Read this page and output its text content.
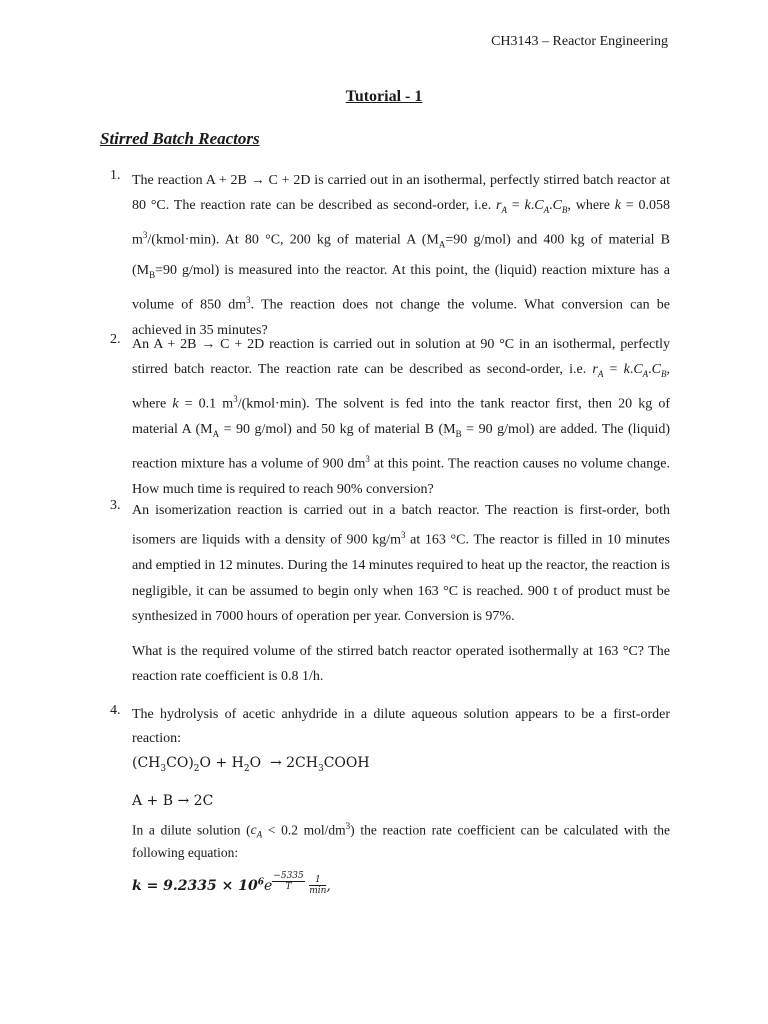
CH3143 – Reactor Engineering
Tutorial - 1
Stirred Batch Reactors
1. The reaction A + 2B → C + 2D is carried out in an isothermal, perfectly stirred batch reactor at 80 °C. The reaction rate can be described as second-order, i.e. $r_A = k.C_A.C_B$, where k = 0.058 $m^3/(kmol\cdot\min)$. At 80 °C, 200 kg of material A ($M_A=90$ g/mol) and 400 kg of material B ($M_B=90$ g/mol) is measured into the reactor. At this point, the (liquid) reaction mixture has a volume of 850 $dm^3$. The reaction does not change the volume. What conversion can be achieved in 35 minutes?

2. An A + 2B → C + 2D reaction is carried out in solution at 90 °C in an isothermal, perfectly stirred batch reactor. The reaction rate can be described as second-order, i.e. $r_A = k.C_A.C_B$, where k = 0.1 $m^3/(kmol\cdot\min)$. The solvent is fed into the tank reactor first, then 20 kg of material A ($M_A = 90$ g/mol) and 50 kg of material B ($M_B = 90$ g/mol) are added. The (liquid) reaction mixture has a volume of 900 $dm^3$ at this point. The reaction causes no volume change. How much time is required to reach 90% conversion?

3. An isomerization reaction is carried out in a batch reactor. The reaction is first-order, both isomers are liquids with a density of 900 $kg/m^3$ at 163 °C. The reactor is filled in 10 minutes and emptied in 12 minutes. During the 14 minutes required to heat up the reactor, the reaction is negligible, it can be assumed to begin only when 163 °C is reached. 900 t of product must be synthesized in 7000 hours of operation per year. Conversion is 97%.

What is the required volume of the stirred batch reactor operated isothermally at 163 °C? The reaction rate coefficient is 0.8 1/h.

4. The hydrolysis of acetic anhydride in a dilute aqueous solution appears to be a first-order reaction:

$(CH_3CO)_2O + H_2O$  → $2CH_3COOH$

A + B → 2C

In a dilute solution ($c_A < 0.2$ mol/$dm^3$) the reaction rate coefficient can be calculated with the following equation:

$k = 9.2335 \times 10^6e$ $^{\frac{-5335}{T}}$
$\frac{1}{\min}$ ,
